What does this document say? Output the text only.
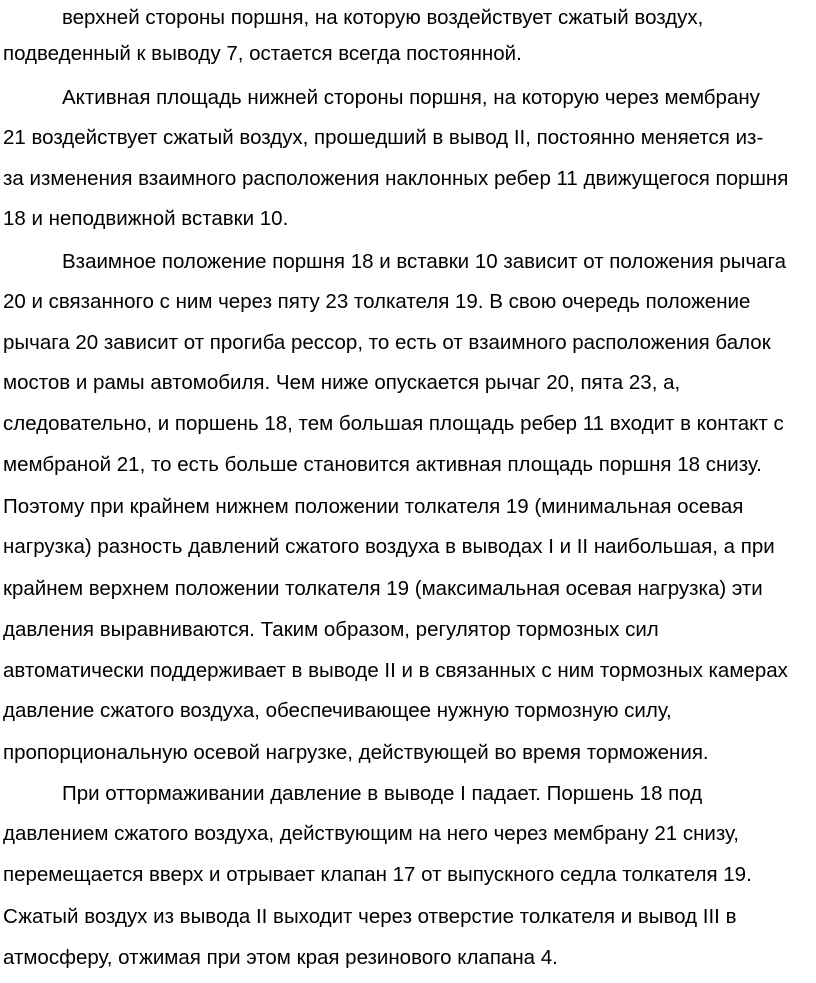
верхней стороны поршня, на которую воздействует сжатый воздух,
подведенный к выводу 7, остается всегда постоянной.
Активная площадь нижней стороны поршня, на которую через мембрану
21 воздействует сжатый воздух, прошедший в вывод II, постоянно меняется из-
за изменения взаимного расположения наклонных ребер 11 движущегося поршня
18 и неподвижной вставки 10.
Взаимное положение поршня 18 и вставки 10 зависит от положения рычага
20 и связанного с ним через пяту 23 толкателя 19. В свою очередь положение
рычага 20 зависит от прогиба рессор, то есть от взаимного расположения балок
мостов и рамы автомобиля. Чем ниже опускается рычаг 20, пята 23, а,
следовательно, и поршень 18, тем большая площадь ребер 11 входит в контакт с
мембраной 21, то есть больше становится активная площадь поршня 18 снизу.
Поэтому при крайнем нижнем положении толкателя 19 (минимальная осевая
нагрузка) разность давлений сжатого воздуха в выводах I и II наибольшая, а при
крайнем верхнем положении толкателя 19 (максимальная осевая нагрузка) эти
давления выравниваются. Таким образом, регулятор тормозных сил
автоматически поддерживает в выводе II и в связанных с ним тормозных камерах
давление сжатого воздуха, обеспечивающее нужную тормозную силу,
пропорциональную осевой нагрузке, действующей во время торможения.
При оттормаживании давление в выводе I падает. Поршень 18 под
давлением сжатого воздуха, действующим на него через мембрану 21 снизу,
перемещается вверх и отрывает клапан 17 от выпускного седла толкателя 19.
Сжатый воздух из вывода II выходит через отверстие толкателя и вывод III в
атмосферу, отжимая при этом края резинового клапана 4.
